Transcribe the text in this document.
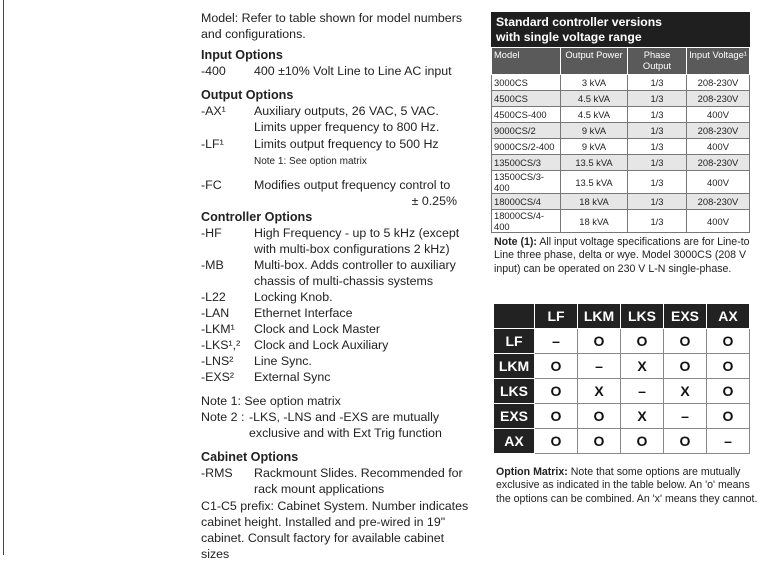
Model: Refer to table shown for model numbers and configurations.

Input Options

-400 400 ±10% Volt Line to Line AC input

Output Options

-AX¹ Auxiliary outputs, 26 VAC, 5 VAC. Limits upper frequency to 800 Hz.
-LF¹ Limits output frequency to 500 Hz
Note 1: See option matrix
-FC	Modifies output frequency control to
± 0.25%

Controller Options

-HF	High Frequency - up to 5 kHz (except with multi-box configurations 2 kHz)
-MB Multi-box. Adds controller to auxiliary chassis of multi-chassis systems
-L22 Locking Knob.
-LAN Ethernet Interface
-LKM¹ Clock and Lock Master
-LKS¹,² Clock and Lock Auxiliary
-LNS² Line Sync.
-EXS² External Sync

Note 1: See option matrix

Note 2 : -LKS, -LNS and -EXS are mutually exclusive and with Ext Trig function

Cabinet Options

-RMS Rackmount Slides. Recommended for rack mount applications

C1-C5 prefix: Cabinet System. Number indicates cabinet height. Installed and pre-wired in 19" cabinet. Consult factory for available cabinet sizes

Standard controller versions
with single voltage range
Model	Output Power	Phase Output	Input Voltage¹
3000CS	3 kVA	1/3	208-230V
4500CS	4.5 kVA	1/3	208-230V
4500CS-400	4.5 kVA	1/3	400V
9000CS/2	9 kVA	1/3	208-230V
9000CS/2-400	9 kVA	1/3	400V
13500CS/3	13.5 kVA	1/3	208-230V
13500CS/3-400	13.5 kVA	1/3	400V
18000CS/4	18 kVA	1/3	208-230V
18000CS/4-400	18 kVA	1/3	400V
Note (1): All input voltage specifications are for Line-to Line three phase, delta or wye. Model 3000CS (208 V input) can be operated on 230 V L-N single-phase.
	LF	LKM	LKS	EXS	AX
LF	–	O	O	O	O
LKM	O	–	X	O	O
LKS	O	X	–	X	O
EXS	O	O	X	–	O
AX	O	O	O	O	–
Option Matrix: Note that some options are mutually exclusive as indicated in the table below. An 'o' means the options can be combined. An 'x' means they cannot.
